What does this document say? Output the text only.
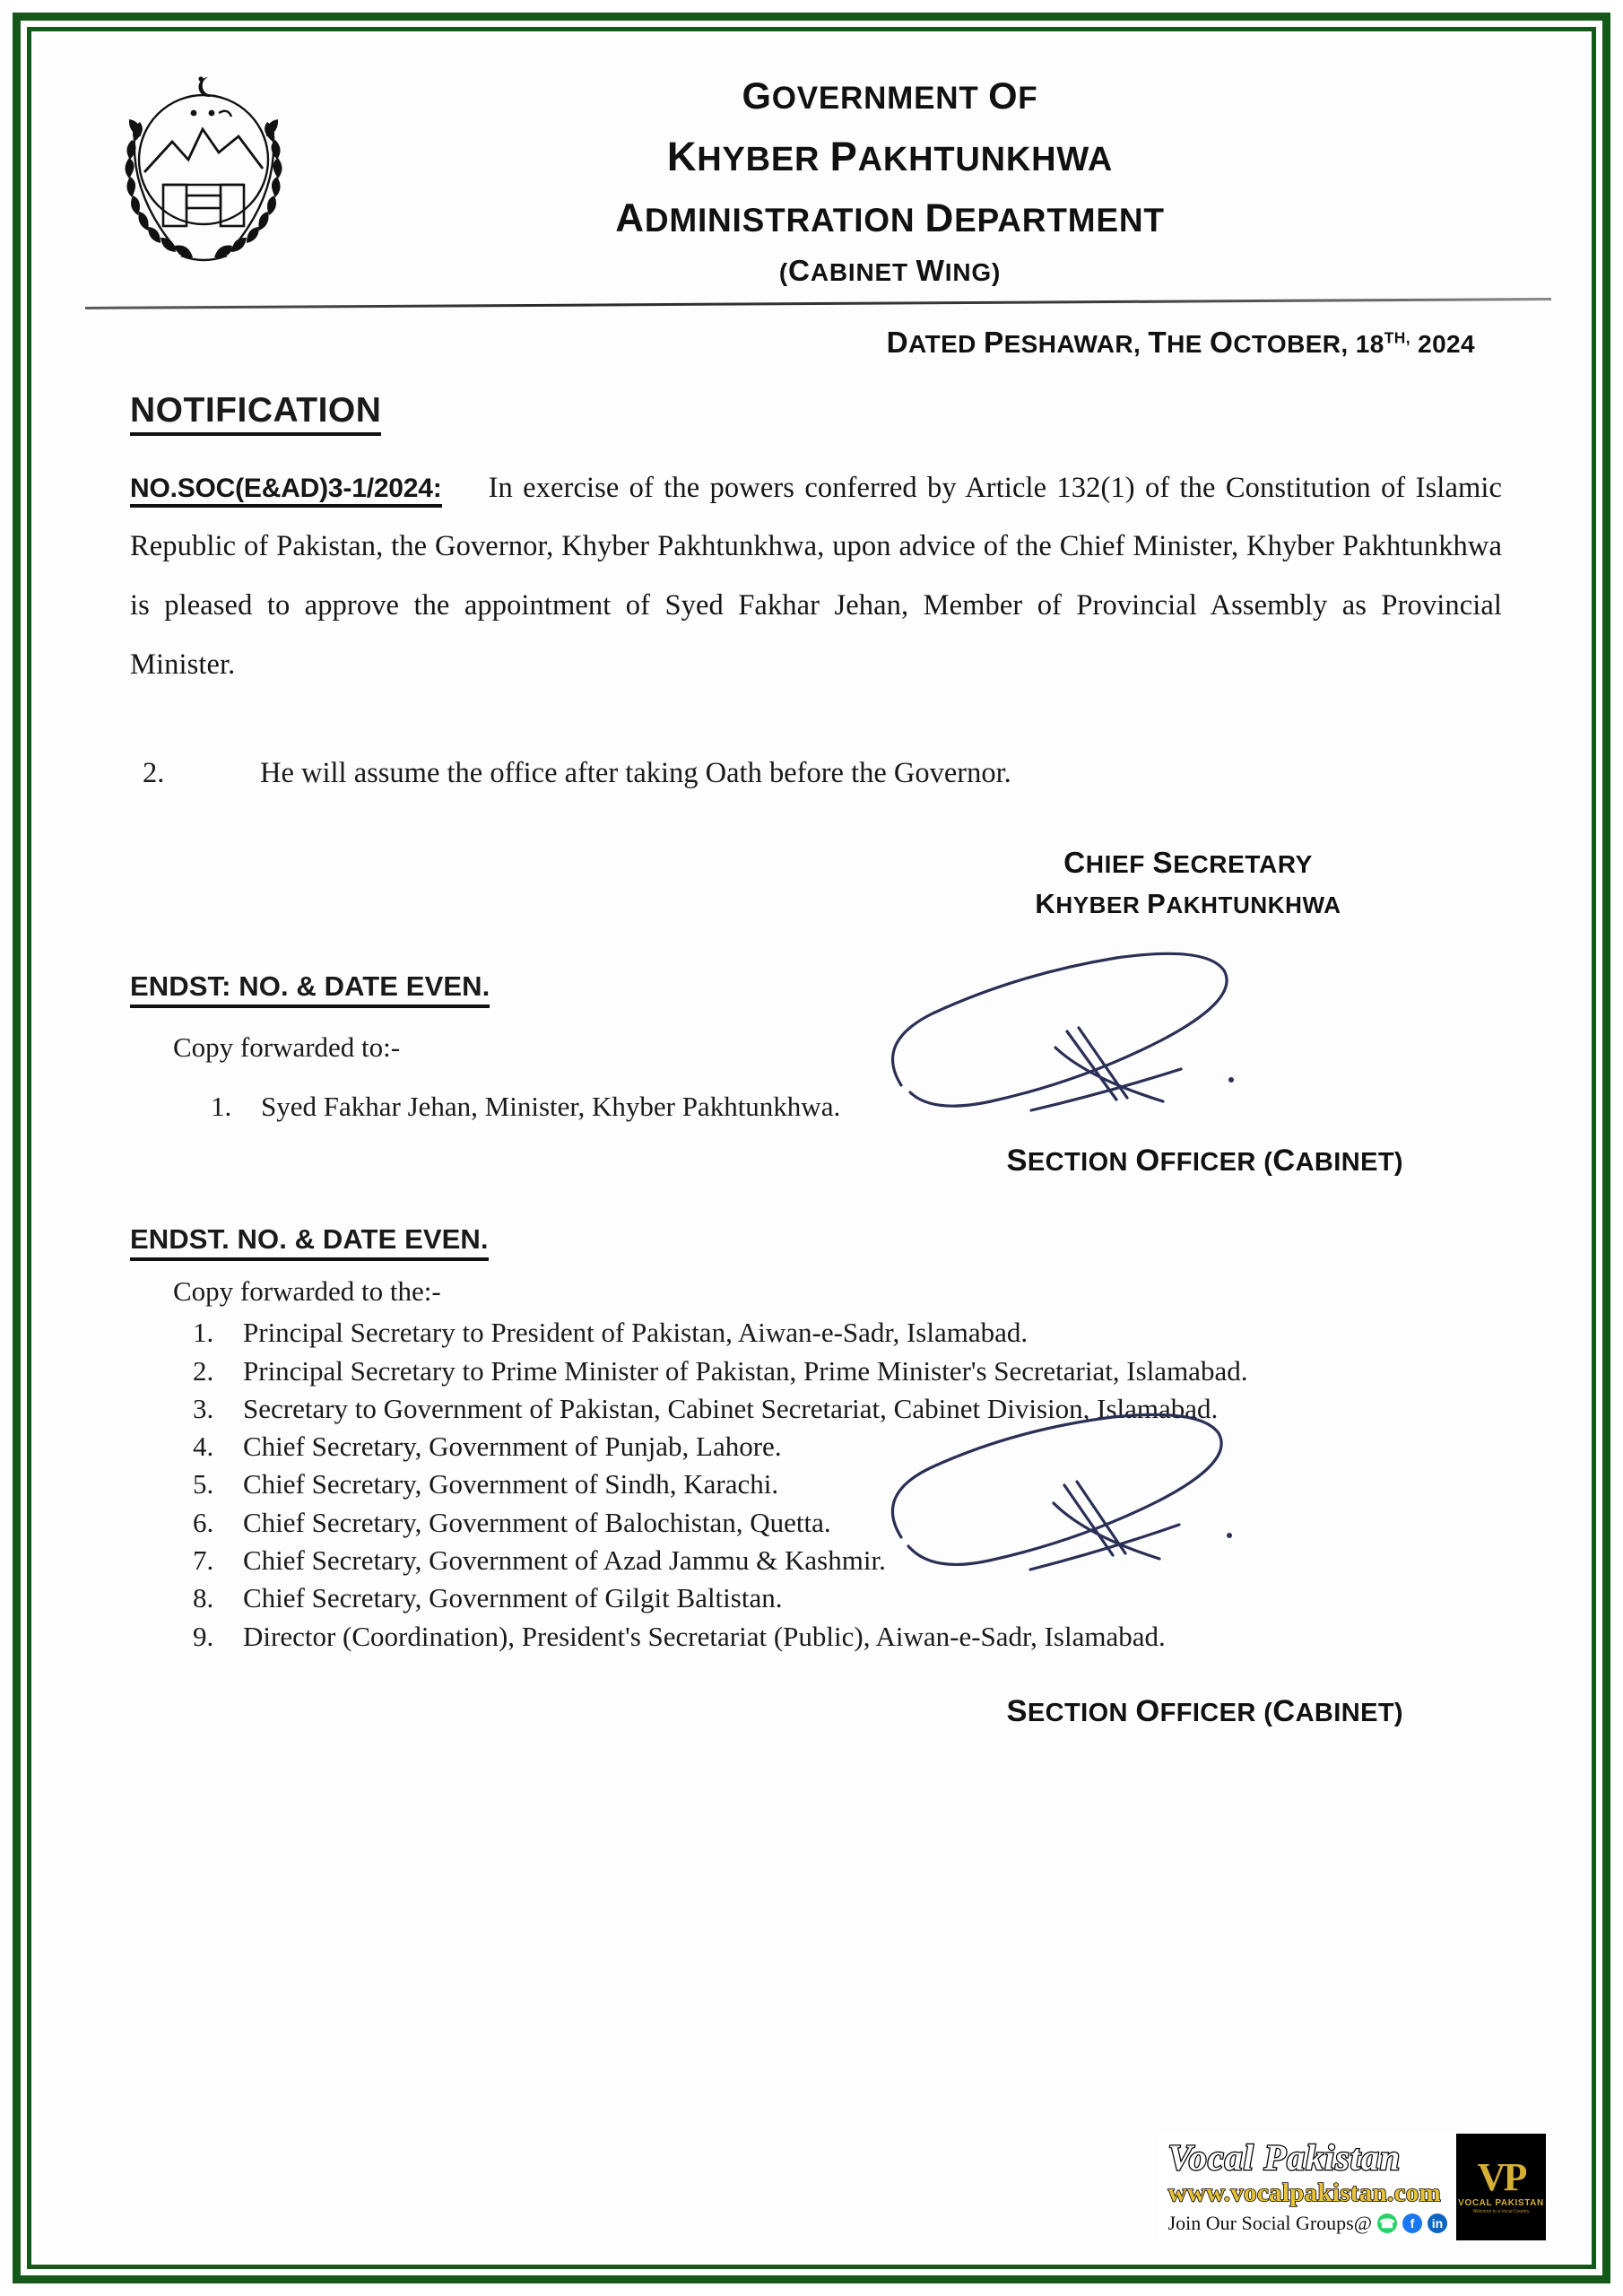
GOVERNMENT OF
KHYBER PAKHTUNKHWA
ADMINISTRATION DEPARTMENT
(CABINET WING)
DATED PESHAWAR, THE OCTOBER, $18^{TH,}$ 2024
NOTIFICATION
NO.SOC(E&AD)3-1/2024: In exercise of the powers conferred by Article 132(1) of the Constitution of Islamic Republic of Pakistan, the Governor, Khyber Pakhtunkhwa, upon advice of the Chief Minister, Khyber Pakhtunkhwa is pleased to approve the appointment of Syed Fakhar Jehan, Member of Provincial Assembly as Provincial Minister.
2.	He will assume the office after taking Oath before the Governor.
CHIEF SECRETARY
KHYBER PAKHTUNKHWA
ENDST: NO. & DATE EVEN.
Copy forwarded to:-
1.	Syed Fakhar Jehan, Minister, Khyber Pakhtunkhwa.
SECTION OFFICER (CABINET)
ENDST. NO. & DATE EVEN.
Copy forwarded to the:-
1.	Principal Secretary to President of Pakistan, Aiwan-e-Sadr, Islamabad.
2.	Principal Secretary to Prime Minister of Pakistan, Prime Minister's Secretariat, Islamabad.
3.	Secretary to Government of Pakistan, Cabinet Secretariat, Cabinet Division, Islamabad.
4.	Chief Secretary, Government of Punjab, Lahore.
5.	Chief Secretary, Government of Sindh, Karachi.
6.	Chief Secretary, Government of Balochistan, Quetta.
7.	Chief Secretary, Government of Azad Jammu & Kashmir.
8.	Chief Secretary, Government of Gilgit Baltistan.
9.	Director (Coordination), President's Secretariat (Public), Aiwan-e-Sadr, Islamabad.
SECTION OFFICER (CABINET)
Vocal Pakistan
www.vocalpakistan.com
Join Our Social Groups@ ☎	f	in
VP
VOCAL PAKISTAN
Welcome to a Vocal Country
